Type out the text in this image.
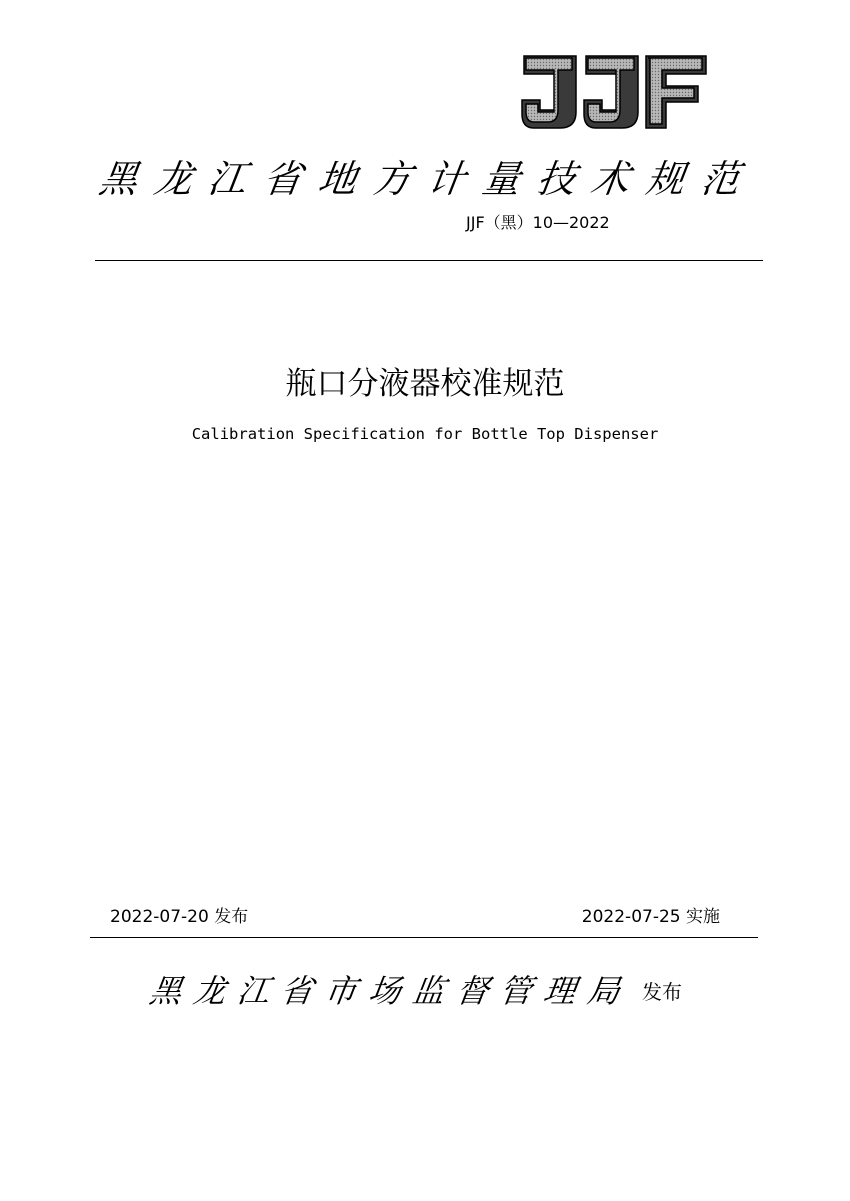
黑 龙 江 省 地 方 计 量 技 术 规 范
JJF（黑）10—2022
瓶口分液器校准规范
Calibration Specification for Bottle Top Dispenser
2022-07-20 发布	2022-07-25 实施
黑 龙 江 省 市 场 监 督 管 理 局 发布
